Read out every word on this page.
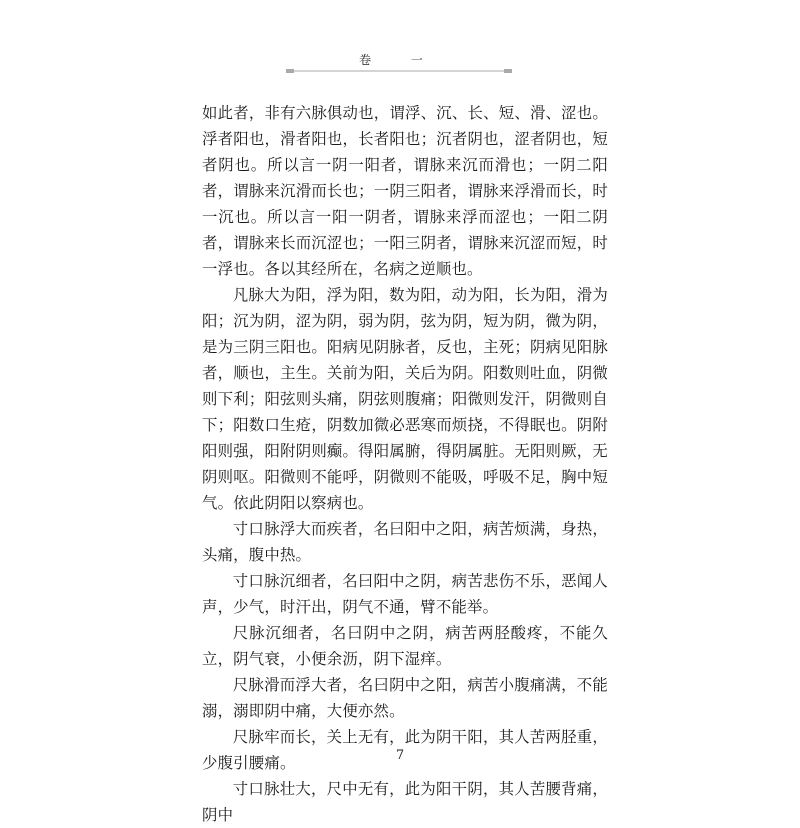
卷 一

如此者，非有六脉俱动也，谓浮、沉、长、短、滑、涩也。浮者阳也，滑者阳也，长者阳也；沉者阴也，涩者阴也，短者阴也。所以言一阴一阳者，谓脉来沉而滑也；一阴二阳者，谓脉来沉滑而长也；一阴三阳者，谓脉来浮滑而长，时一沉也。所以言一阳一阴者，谓脉来浮而涩也；一阳二阴者，谓脉来长而沉涩也；一阳三阴者，谓脉来沉涩而短，时一浮也。各以其经所在，名病之逆顺也。

凡脉大为阳，浮为阳，数为阳，动为阳，长为阳，滑为阳；沉为阴，涩为阴，弱为阴，弦为阴，短为阴，微为阴，是为三阴三阳也。阳病见阴脉者，反也，主死；阴病见阳脉者，顺也，主生。关前为阳，关后为阴。阳数则吐血，阴微则下利；阳弦则头痛，阴弦则腹痛；阳微则发汗，阴微则自下；阳数口生疮，阴数加微必恶寒而烦挠，不得眠也。阴附阳则强，阳附阴则癫。得阳属腑，得阴属脏。无阳则厥，无阴则呕。阳微则不能呼，阴微则不能吸，呼吸不足，胸中短气。依此阴阳以察病也。

寸口脉浮大而疾者，名曰阳中之阳，病苦烦满，身热，头痛，腹中热。

寸口脉沉细者，名曰阳中之阴，病苦悲伤不乐，恶闻人声，少气，时汗出，阴气不通，臂不能举。

尺脉沉细者，名曰阴中之阴，病苦两胫酸疼，不能久立，阴气衰，小便余沥，阴下湿痒。

尺脉滑而浮大者，名曰阴中之阳，病苦小腹痛满，不能溺，溺即阴中痛，大便亦然。

尺脉牢而长，关上无有，此为阴干阳，其人苦两胫重，少腹引腰痛。

寸口脉壮大，尺中无有，此为阳干阴，其人苦腰背痛，阴中

7
